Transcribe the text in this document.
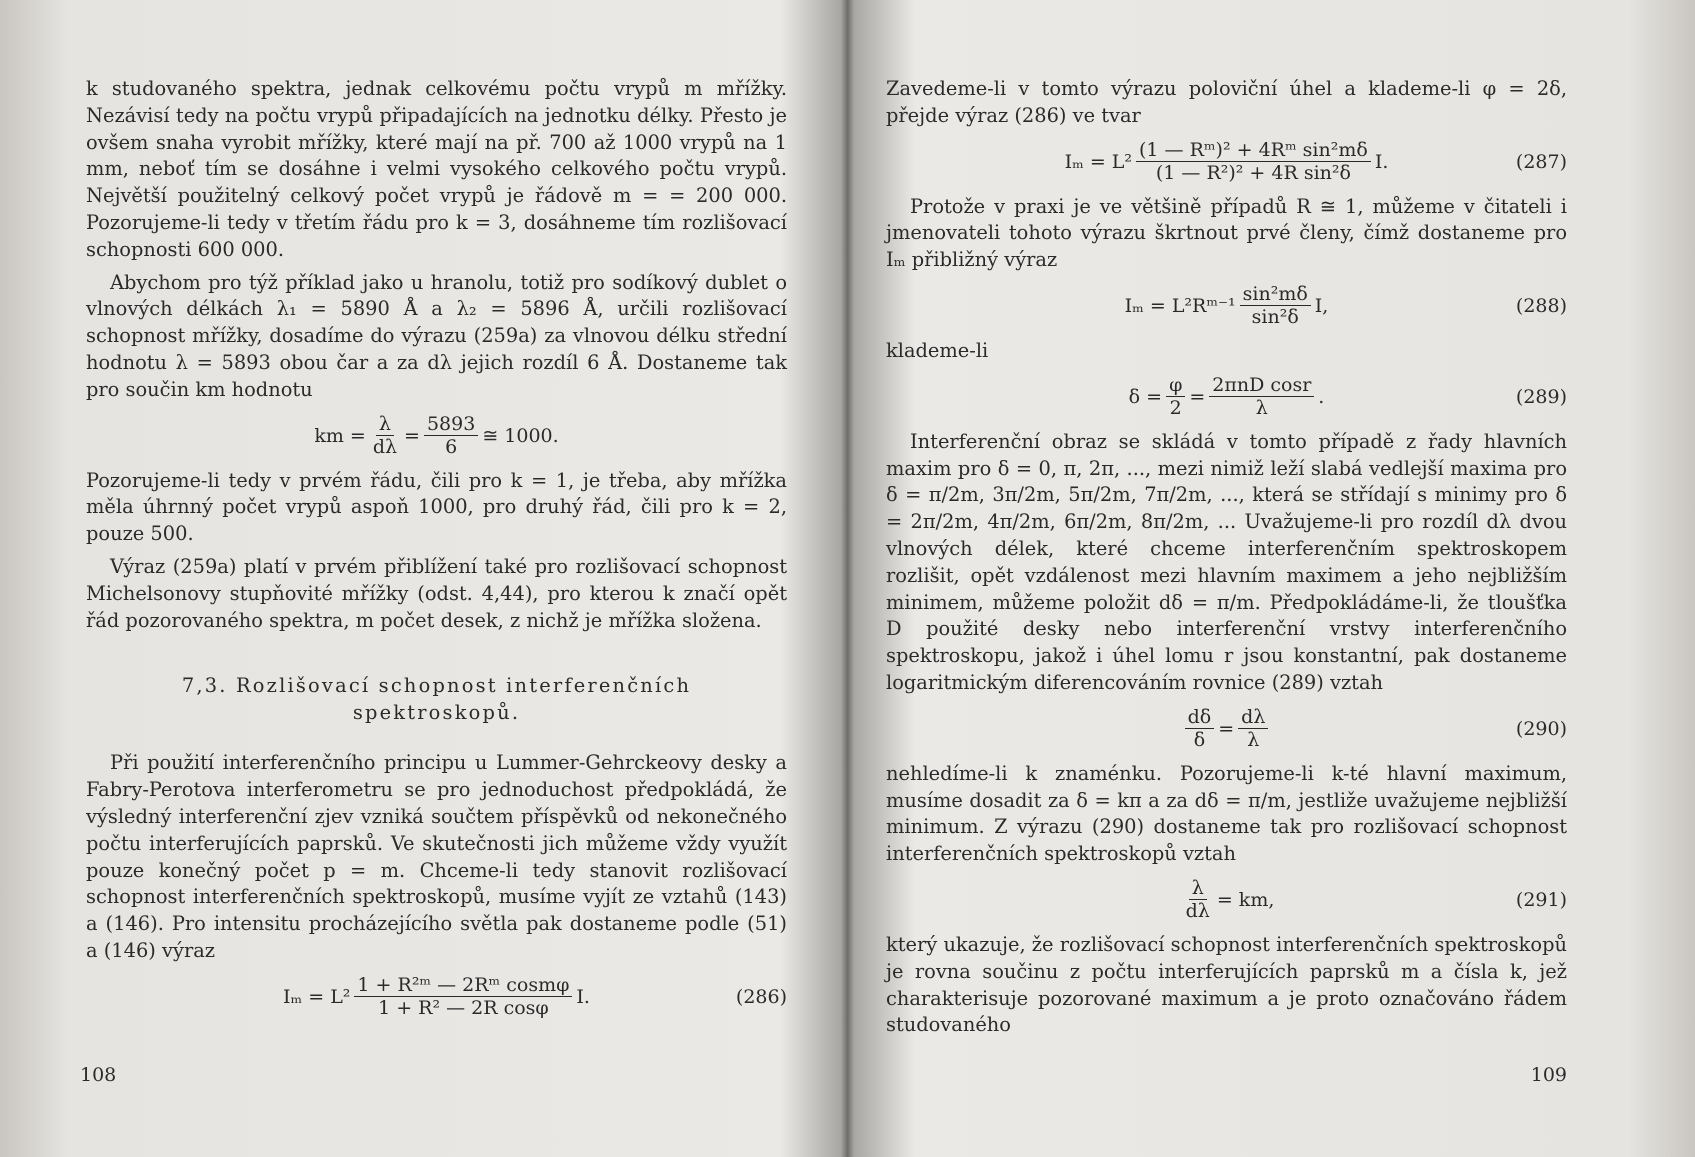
k studovaného spektra, jednak celkovému počtu vrypů m mřížky. Nezávisí tedy na počtu vrypů připadajících na jednotku délky. Přesto je ovšem snaha vyrobit mřížky, které mají na př. 700 až 1000 vrypů na 1 mm, neboť tím se dosáhne i velmi vysokého celkového počtu vrypů. Největší použitelný celkový počet vrypů je řádově m = = 200 000. Pozorujeme-li tedy v třetím řádu pro k = 3, dosáhneme tím rozlišovací schopnosti 600 000.

Abychom pro týž příklad jako u hranolu, totiž pro sodíkový dublet o vlnových délkách λ₁ = 5890 Å a λ₂ = 5896 Å, určili rozlišovací schopnost mřížky, dosadíme do výrazu (259a) za vlnovou délku střední hodnotu λ = 5893 obou čar a za dλ jejich rozdíl 6 Å. Dostaneme tak pro součin km hodnotu

km = $\frac{\lambda}{d\lambda} = \frac{5893}{6}$ ≅ 1000.

Pozorujeme-li tedy v prvém řádu, čili pro k = 1, je třeba, aby mřížka měla úhrnný počet vrypů aspoň 1000, pro druhý řád, čili pro k = 2, pouze 500.

Výraz (259a) platí v prvém přiblížení také pro rozlišovací schopnost Michelsonovy stupňovité mřížky (odst. 4,44), pro kterou k značí opět řád pozorovaného spektra, m počet desek, z nichž je mřížka složena.

7,3. Rozlišovací schopnost interferenčních
spektroskopů.

Při použití interferenčního principu u Lummer-Gehrckeovy desky a Fabry-Perotova interferometru se pro jednoduchost předpokládá, že výsledný interferenční zjev vzniká součtem příspěvků od nekonečného počtu interferujících paprsků. Ve skutečnosti jich můžeme vždy využít pouze konečný počet p = m. Chceme-li tedy stanovit rozlišovací schopnost interferenčních spektroskopů, musíme vyjít ze vztahů (143) a (146). Pro intensitu procházejícího světla pak dostaneme podle (51) a (146) výraz

$I_m = L^2 \frac{\text{1 + R²ᵐ — 2Rᵐ cosmφ}}{\text{1 + R² — 2R cosφ}} I$.	(286)
108

Zavedeme-li v tomto výrazu poloviční úhel a klademe-li φ = 2δ, přejde výraz (286) ve tvar

$I_m = L^2 \frac{\text{(1 — Rᵐ)² + 4Rᵐ sin²mδ}}{\text{(1 — R²)² + 4R sin²δ}} I$.	(287)

Protože v praxi je ve většině případů R ≅ 1, můžeme v čitateli i jmenovateli tohoto výrazu škrtnout prvé členy, čímž dostaneme pro Iₘ přibližný výraz

Iₘ = L²Rᵐ⁻¹ $\frac{\text{sin²mδ}}{\text{sin²δ}} I$,	(288)

klademe-li

$\delta = \frac{\varphi}{2} = \frac{\text{2πnD cosr}}{\lambda}$ .	(289)

Interferenční obraz se skládá v tomto případě z řady hlavních maxim pro δ = 0, π, 2π, ..., mezi nimiž leží slabá vedlejší maxima pro δ = π/2m, 3π/2m, 5π/2m, 7π/2m, ..., která se střídají s minimy pro δ = 2π/2m, 4π/2m, 6π/2m, 8π/2m, ... Uvažujeme-li pro rozdíl dλ dvou vlnových délek, které chceme interferenčním spektroskopem rozlišit, opět vzdálenost mezi hlavním maximem a jeho nejbližším minimem, můžeme položit dδ = π/m. Předpokládáme-li, že tloušťka D použité desky nebo interferenční vrstvy interferenčního spektroskopu, jakož i úhel lomu r jsou konstantní, pak dostaneme logaritmickým diferencováním rovnice (289) vztah

$\frac{d\delta}{\delta} = \frac{d\lambda}{\lambda}$	(290)

nehledíme-li k znaménku. Pozorujeme-li k-té hlavní maximum, musíme dosadit za δ = kπ a za dδ = π/m, jestliže uvažujeme nejbližší minimum. Z výrazu (290) dostaneme tak pro rozlišovací schopnost interferenčních spektroskopů vztah

$\frac{\lambda}{d\lambda}$ = km,	(291)

který ukazuje, že rozlišovací schopnost interferenčních spektroskopů je rovna součinu z počtu interferujících paprsků m a čísla k, jež charakterisuje pozorované maximum a je proto označováno řádem studovaného

109
